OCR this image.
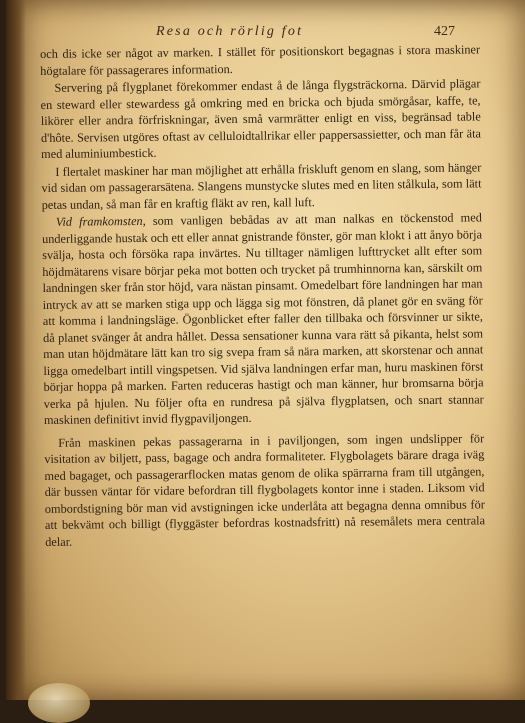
Resa och rörlig fot	427

och dis icke ser något av marken. I stället för positionskort begagnas i stora maskiner högtalare för passagerares information.

Servering på flygplanet förekommer endast å de långa flygsträckorna. Därvid plägar en steward eller stewardess gå omkring med en bricka och bjuda smörgåsar, kaffe, te, likörer eller andra förfriskningar, även små varmrätter enligt en viss, begränsad table d'hôte. Servisen utgöres oftast av celluloidtallrikar eller pappersassietter, och man får äta med aluminiumbestick.

I flertalet maskiner har man möjlighet att erhålla friskluft genom en slang, som hänger vid sidan om passagerarsätena. Slangens munstycke slutes med en liten stålkula, som lätt petas undan, så man får en kraftig fläkt av ren, kall luft.

Vid framkomsten, som vanligen bebådas av att man nalkas en töckenstod med underliggande hustak och ett eller annat gnistrande fönster, gör man klokt i att ånyo börja svälja, hosta och försöka rapa invärtes. Nu tilltager nämligen lufttrycket allt efter som höjdmätarens visare börjar peka mot botten och trycket på trumhinnorna kan, särskilt om landningen sker från stor höjd, vara nästan pinsamt. Omedelbart före landningen har man intryck av att se marken stiga upp och lägga sig mot fönstren, då planet gör en sväng för att komma i landningsläge. Ögonblicket efter faller den tillbaka och försvinner ur sikte, då planet svänger åt andra hållet. Dessa sensationer kunna vara rätt så pikanta, helst som man utan höjdmätare lätt kan tro sig svepa fram så nära marken, att skorstenar och annat ligga omedelbart intill vingspetsen. Vid själva landningen erfar man, huru maskinen först börjar hoppa på marken. Farten reduceras hastigt och man känner, hur bromsarna börja verka på hjulen. Nu följer ofta en rundresa på själva flygplatsen, och snart stannar maskinen definitivt invid flygpaviljongen.

Från maskinen pekas passagerarna in i paviljongen, som ingen undslipper för visitation av biljett, pass, bagage och andra formaliteter. Flygbolagets bärare draga iväg med bagaget, och passagerarflocken matas genom de olika spärrarna fram till utgången, där bussen väntar för vidare befordran till flygbolagets kontor inne i staden. Liksom vid ombordstigning bör man vid avstigningen icke underlåta att begagna denna omnibus för att bekvämt och billigt (flyggäster befordras kostnadsfritt) nå resemålets mera centrala delar.
